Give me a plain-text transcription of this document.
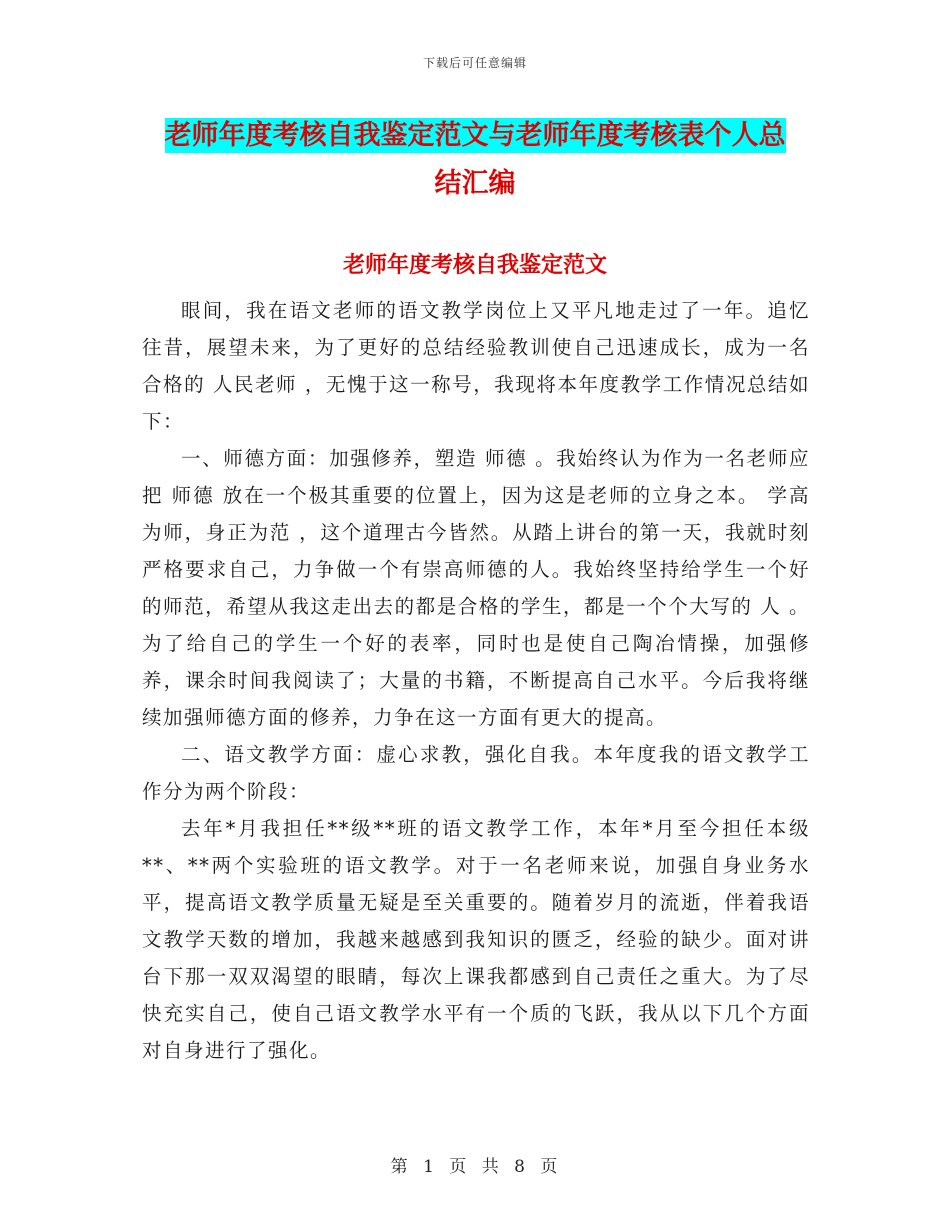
下载后可任意编辑
老师年度考核自我鉴定范文与老师年度考核表个人总
结汇编
老师年度考核自我鉴定范文

眼间，我在语文老师的语文教学岗位上又平凡地走过了一年。追忆往昔，展望未来，为了更好的总结经验教训使自己迅速成长，成为一名合格的 人民老师 ，无愧于这一称号，我现将本年度教学工作情况总结如下：

一、师德方面：加强修养，塑造 师德 。我始终认为作为一名老师应把 师德 放在一个极其重要的位置上，因为这是老师的立身之本。 学高为师，身正为范 ，这个道理古今皆然。从踏上讲台的第一天，我就时刻严格要求自己，力争做一个有崇高师德的人。我始终坚持给学生一个好的师范，希望从我这走出去的都是合格的学生，都是一个个大写的 人 。为了给自己的学生一个好的表率，同时也是使自己陶冶情操，加强修养，课余时间我阅读了；大量的书籍，不断提高自己水平。今后我将继续加强师德方面的修养，力争在这一方面有更大的提高。

二、语文教学方面：虚心求教，强化自我。本年度我的语文教学工作分为两个阶段：

去年*月我担任**级**班的语文教学工作，本年*月至今担任本级**、**两个实验班的语文教学。对于一名老师来说，加强自身业务水平，提高语文教学质量无疑是至关重要的。随着岁月的流逝，伴着我语文教学天数的增加，我越来越感到我知识的匮乏，经验的缺少。面对讲台下那一双双渴望的眼睛，每次上课我都感到自己责任之重大。为了尽快充实自己，使自己语文教学水平有一个质的飞跃，我从以下几个方面对自身进行了强化。

第 1 页 共 8 页
